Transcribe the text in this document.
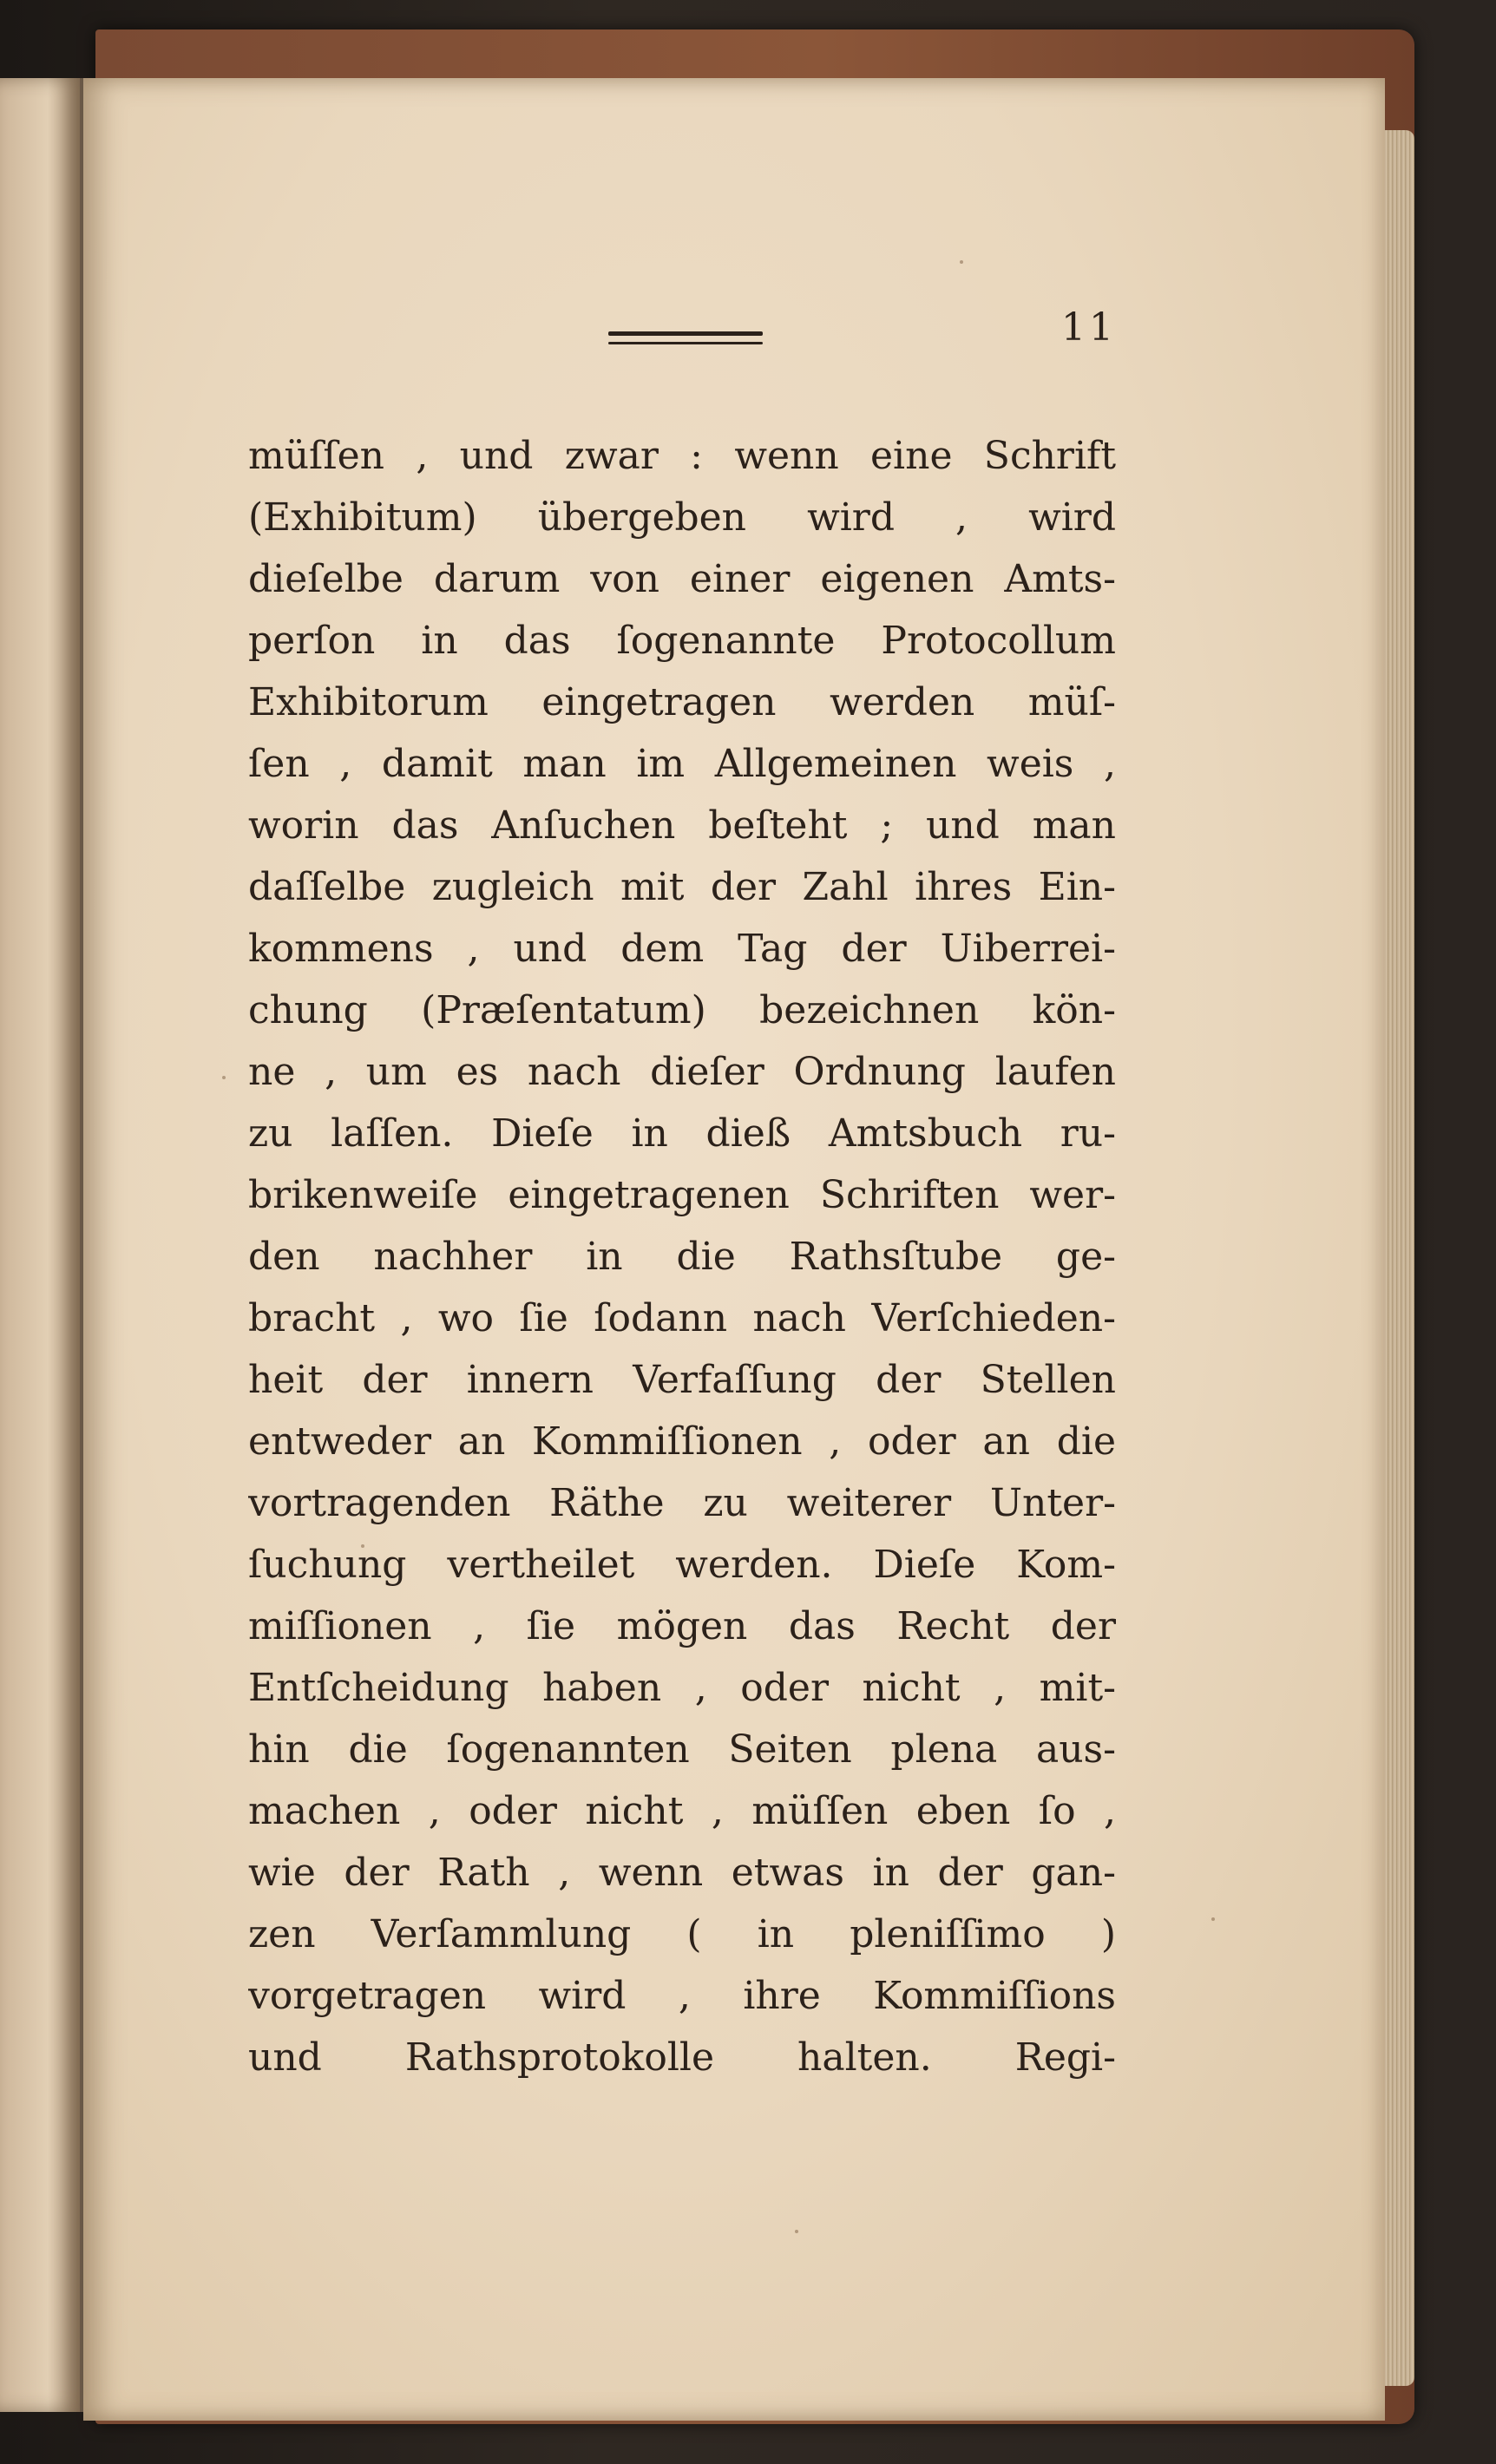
11
müſſen , und zwar : wenn eine Schrift
(Exhibitum) übergeben wird , wird
dieſelbe darum von einer eigenen Amts-
perſon in das ſogenannte Protocollum
Exhibitorum eingetragen werden müſ-
ſen , damit man im Allgemeinen weis ,
worin das Anſuchen beſteht ; und man
daſſelbe zugleich mit der Zahl ihres Ein-
kommens , und dem Tag der Uiberrei-
chung (Præſentatum) bezeichnen kön-
ne , um es nach dieſer Ordnung laufen
zu laſſen. Dieſe in dieß Amtsbuch ru-
brikenweiſe eingetragenen Schriften wer-
den nachher in die Rathsſtube ge-
bracht , wo ſie ſodann nach Verſchieden-
heit der innern Verfaſſung der Stellen
entweder an Kommiſſionen , oder an die
vortragenden Räthe zu weiterer Unter-
ſuchung vertheilet werden. Dieſe Kom-
miſſionen , ſie mögen das Recht der
Entſcheidung haben , oder nicht , mit-
hin die ſogenannten Seiten plena aus-
machen , oder nicht , müſſen eben ſo ,
wie der Rath , wenn etwas in der gan-
zen Verſammlung ( in pleniſſimo )
vorgetragen wird , ihre Kommiſſions
und Rathsprotokolle halten. Regi-
